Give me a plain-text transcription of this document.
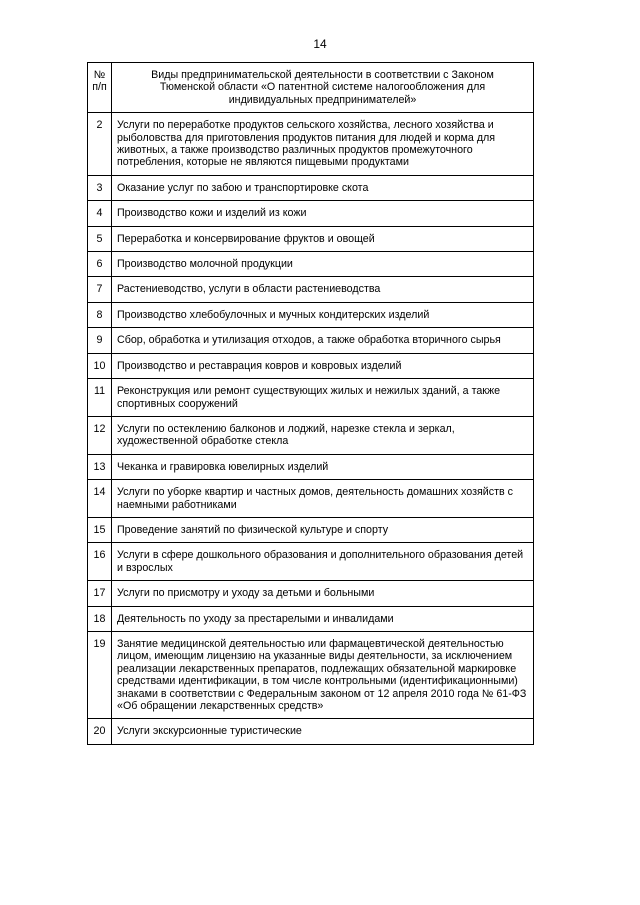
14
№ п/п	Виды предпринимательской деятельности в соответствии с Законом Тюменской области «О патентной системе налогообложения для индивидуальных предпринимателей»
2	Услуги по переработке продуктов сельского хозяйства, лесного хозяйства и рыболовства для приготовления продуктов питания для людей и корма для животных, а также производство различных продуктов промежуточного потребления, которые не являются пищевыми продуктами
3	Оказание услуг по забою и транспортировке скота
4	Производство кожи и изделий из кожи
5	Переработка и консервирование фруктов и овощей
6	Производство молочной продукции
7	Растениеводство, услуги в области растениеводства
8	Производство хлебобулочных и мучных кондитерских изделий
9	Сбор, обработка и утилизация отходов, а также обработка вторичного сырья
10	Производство и реставрация ковров и ковровых изделий
11	Реконструкция или ремонт существующих жилых и нежилых зданий, а также спортивных сооружений
12	Услуги по остеклению балконов и лоджий, нарезке стекла и зеркал, художественной обработке стекла
13	Чеканка и гравировка ювелирных изделий
14	Услуги по уборке квартир и частных домов, деятельность домашних хозяйств с наемными работниками
15	Проведение занятий по физической культуре и спорту
16	Услуги в сфере дошкольного образования и дополнительного образования детей и взрослых
17	Услуги по присмотру и уходу за детьми и больными
18	Деятельность по уходу за престарелыми и инвалидами
19	Занятие медицинской деятельностью или фармацевтической деятельностью лицом, имеющим лицензию на указанные виды деятельности, за исключением реализации лекарственных препаратов, подлежащих обязательной маркировке средствами идентификации, в том числе контрольными (идентификационными) знаками в соответствии с Федеральным законом от 12 апреля 2010 года № 61-ФЗ «Об обращении лекарственных средств»
20	Услуги экскурсионные туристические
